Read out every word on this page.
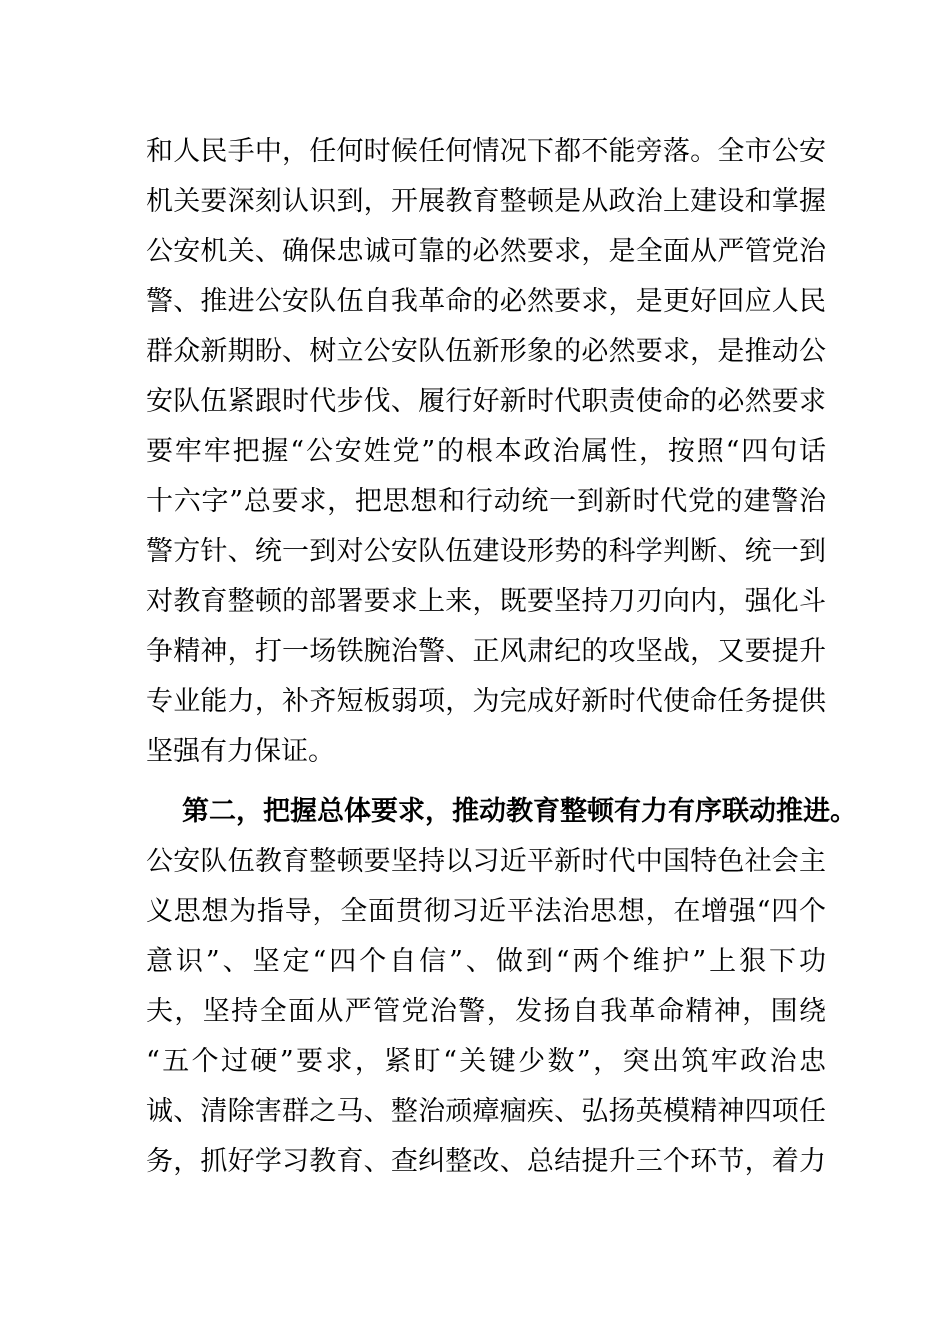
和人民手中，任何时候任何情况下都不能旁落。全市公安
机关要深刻认识到，开展教育整顿是从政治上建设和掌握
公安机关、确保忠诚可靠的必然要求，是全面从严管党治
警、推进公安队伍自我革命的必然要求，是更好回应人民
群众新期盼、树立公安队伍新形象的必然要求，是推动公
安队伍紧跟时代步伐、履行好新时代职责使命的必然要求
要牢牢把握“公安姓党”的根本政治属性，按照“四句话
十六字”总要求，把思想和行动统一到新时代党的建警治
警方针、统一到对公安队伍建设形势的科学判断、统一到
对教育整顿的部署要求上来，既要坚持刀刃向内，强化斗
争精神，打一场铁腕治警、正风肃纪的攻坚战，又要提升
专业能力，补齐短板弱项，为完成好新时代使命任务提供
坚强有力保证。
第二，把握总体要求，推动教育整顿有力有序联动推进。
公安队伍教育整顿要坚持以习近平新时代中国特色社会主
义思想为指导，全面贯彻习近平法治思想，在增强“四个
意识”、坚定“四个自信”、做到“两个维护”上狠下功
夫，坚持全面从严管党治警，发扬自我革命精神，围绕
“五个过硬”要求，紧盯“关键少数”，突出筑牢政治忠
诚、清除害群之马、整治顽瘴痼疾、弘扬英模精神四项任
务，抓好学习教育、查纠整改、总结提升三个环节，着力
